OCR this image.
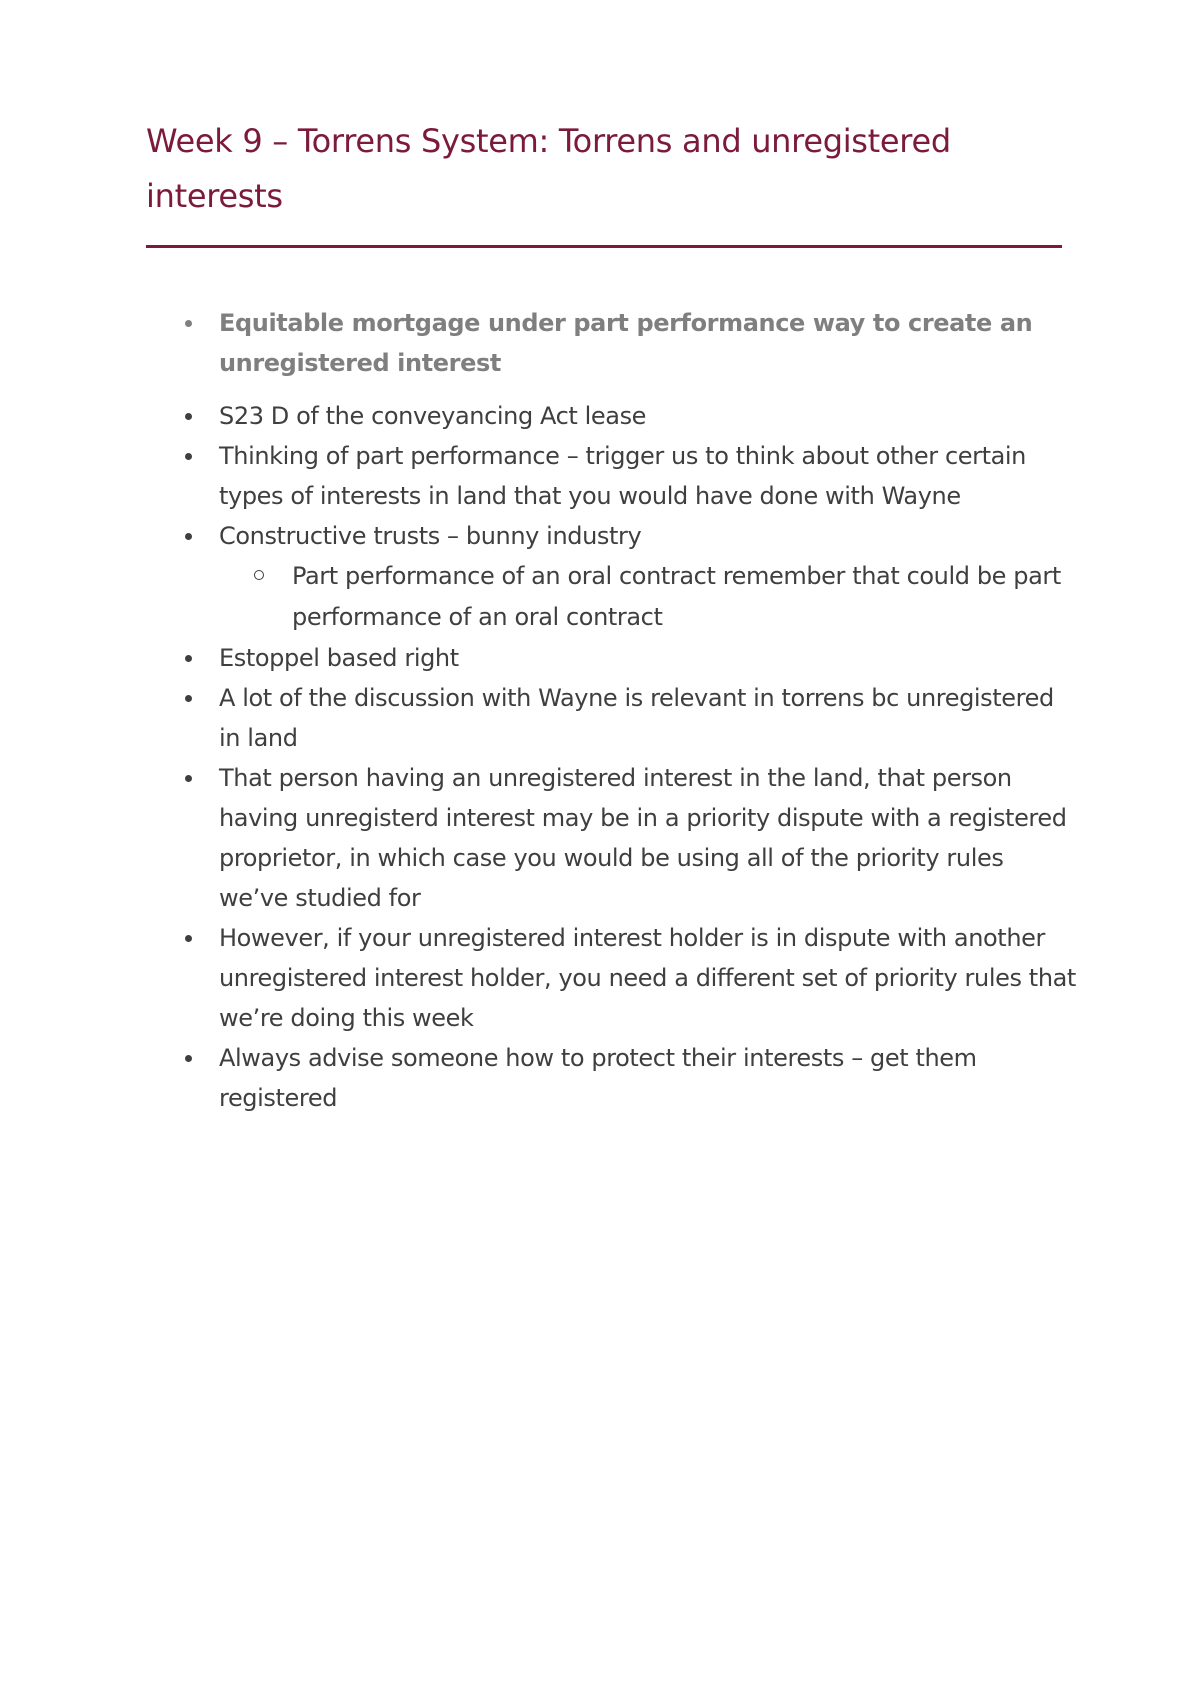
Week 9 – Torrens System: Torrens and unregistered interests
Equitable mortgage under part performance way to create an unregistered interest
S23 D of the conveyancing Act lease
Thinking of part performance – trigger us to think about other certain types of interests in land that you would have done with Wayne
Constructive trusts – bunny industry
Part performance of an oral contract remember that could be part performance of an oral contract
Estoppel based right
A lot of the discussion with Wayne is relevant in torrens bc unregistered in land
That person having an unregistered interest in the land, that person having unregisterd interest may be in a priority dispute with a registered proprietor, in which case you would be using all of the priority rules we’ve studied for
However, if your unregistered interest holder is in dispute with another unregistered interest holder, you need a different set of priority rules that we’re doing this week
Always advise someone how to protect their interests – get them registered
